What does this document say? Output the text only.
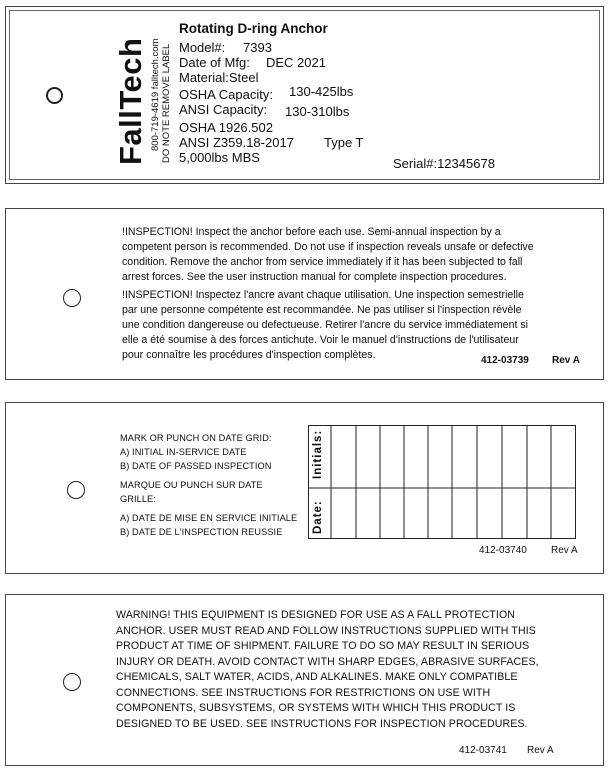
FallTech 800-719-4619 falltech.com DO NOTE REMOVE LABEL
Rotating D-ring Anchor
Model#: 7393
Date of Mfg: DEC 2021
Material:Steel
OSHA Capacity: 130-425lbs
ANSI Capacity: 130-310lbs
OSHA 1926.502
ANSI Z359.18-2017 Type T
5,000lbs MBS	Serial#:12345678
!INSPECTION! Inspect the anchor before each use. Semi-annual inspection by a
competent person is recommended. Do not use if inspection reveals unsafe or defective
condition. Remove the anchor from service immediately if it has been subjected to fall
arrest forces. See the user instruction manual for complete inspection procedures.
!INSPECTION! Inspectez l'ancre avant chaque utilisation. Une inspection semestrielle
par une personne compétente est recommandée. Ne pas utiliser si l'inspection révèle
une condition dangereuse ou defectueuse. Retirer l'ancre du service immédiatement si
elle a été soumise à des forces antichute. Voir le manuel d'instructions de l'utilisateur
pour connaître les procédures d'inspection complètes.	412-03739 Rev A
MARK OR PUNCH ON DATE GRID:
A) INITIAL IN-SERVICE DATE
B) DATE OF PASSED INSPECTION
MARQUE OU PUNCH SUR DATE
GRILLE:
A) DATE DE MISE EN SERVICE INITIALE
B) DATE DE L'INSPECTION REUSSIE
Initials:
Date:
412-03740 Rev A
WARNING! THIS EQUIPMENT IS DESIGNED FOR USE AS A FALL PROTECTION
ANCHOR. USER MUST READ AND FOLLOW INSTRUCTIONS SUPPLIED WITH THIS
PRODUCT AT TIME OF SHIPMENT. FAILURE TO DO SO MAY RESULT IN SERIOUS
INJURY OR DEATH. AVOID CONTACT WITH SHARP EDGES, ABRASIVE SURFACES,
CHEMICALS, SALT WATER, ACIDS, AND ALKALINES. MAKE ONLY COMPATIBLE
CONNECTIONS. SEE INSTRUCTIONS FOR RESTRICTIONS ON USE WITH
COMPONENTS, SUBSYSTEMS, OR SYSTEMS WITH WHICH THIS PRODUCT IS
DESIGNED TO BE USED. SEE INSTRUCTIONS FOR INSPECTION PROCEDURES.
412-03741 Rev A
